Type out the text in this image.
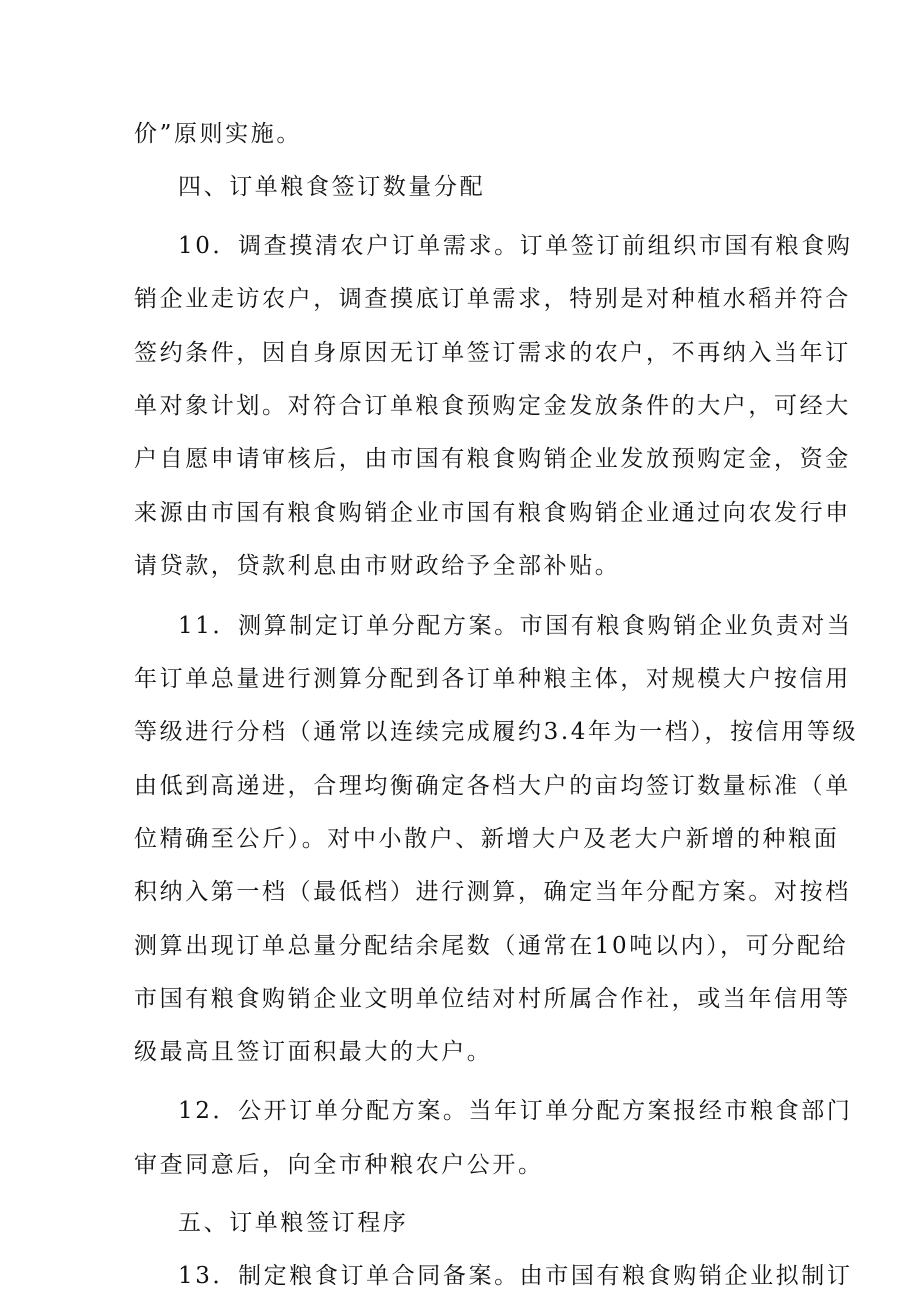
价”原则实施。
四、订单粮食签订数量分配
10．调查摸清农户订单需求。订单签订前组织市国有粮食购
销企业走访农户，调查摸底订单需求，特别是对种植水稻并符合
签约条件，因自身原因无订单签订需求的农户，不再纳入当年订
单对象计划。对符合订单粮食预购定金发放条件的大户，可经大
户自愿申请审核后，由市国有粮食购销企业发放预购定金，资金
来源由市国有粮食购销企业市国有粮食购销企业通过向农发行申
请贷款，贷款利息由市财政给予全部补贴。
11．测算制定订单分配方案。市国有粮食购销企业负责对当
年订单总量进行测算分配到各订单种粮主体，对规模大户按信用
等级进行分档（通常以连续完成履约3.4年为一档），按信用等级
由低到高递进，合理均衡确定各档大户的亩均签订数量标准（单
位精确至公斤）。对中小散户、新增大户及老大户新增的种粮面
积纳入第一档（最低档）进行测算，确定当年分配方案。对按档
测算出现订单总量分配结余尾数（通常在10吨以内），可分配给
市国有粮食购销企业文明单位结对村所属合作社，或当年信用等
级最高且签订面积最大的大户。
12．公开订单分配方案。当年订单分配方案报经市粮食部门
审查同意后，向全市种粮农户公开。
五、订单粮签订程序
13．制定粮食订单合同备案。由市国有粮食购销企业拟制订
